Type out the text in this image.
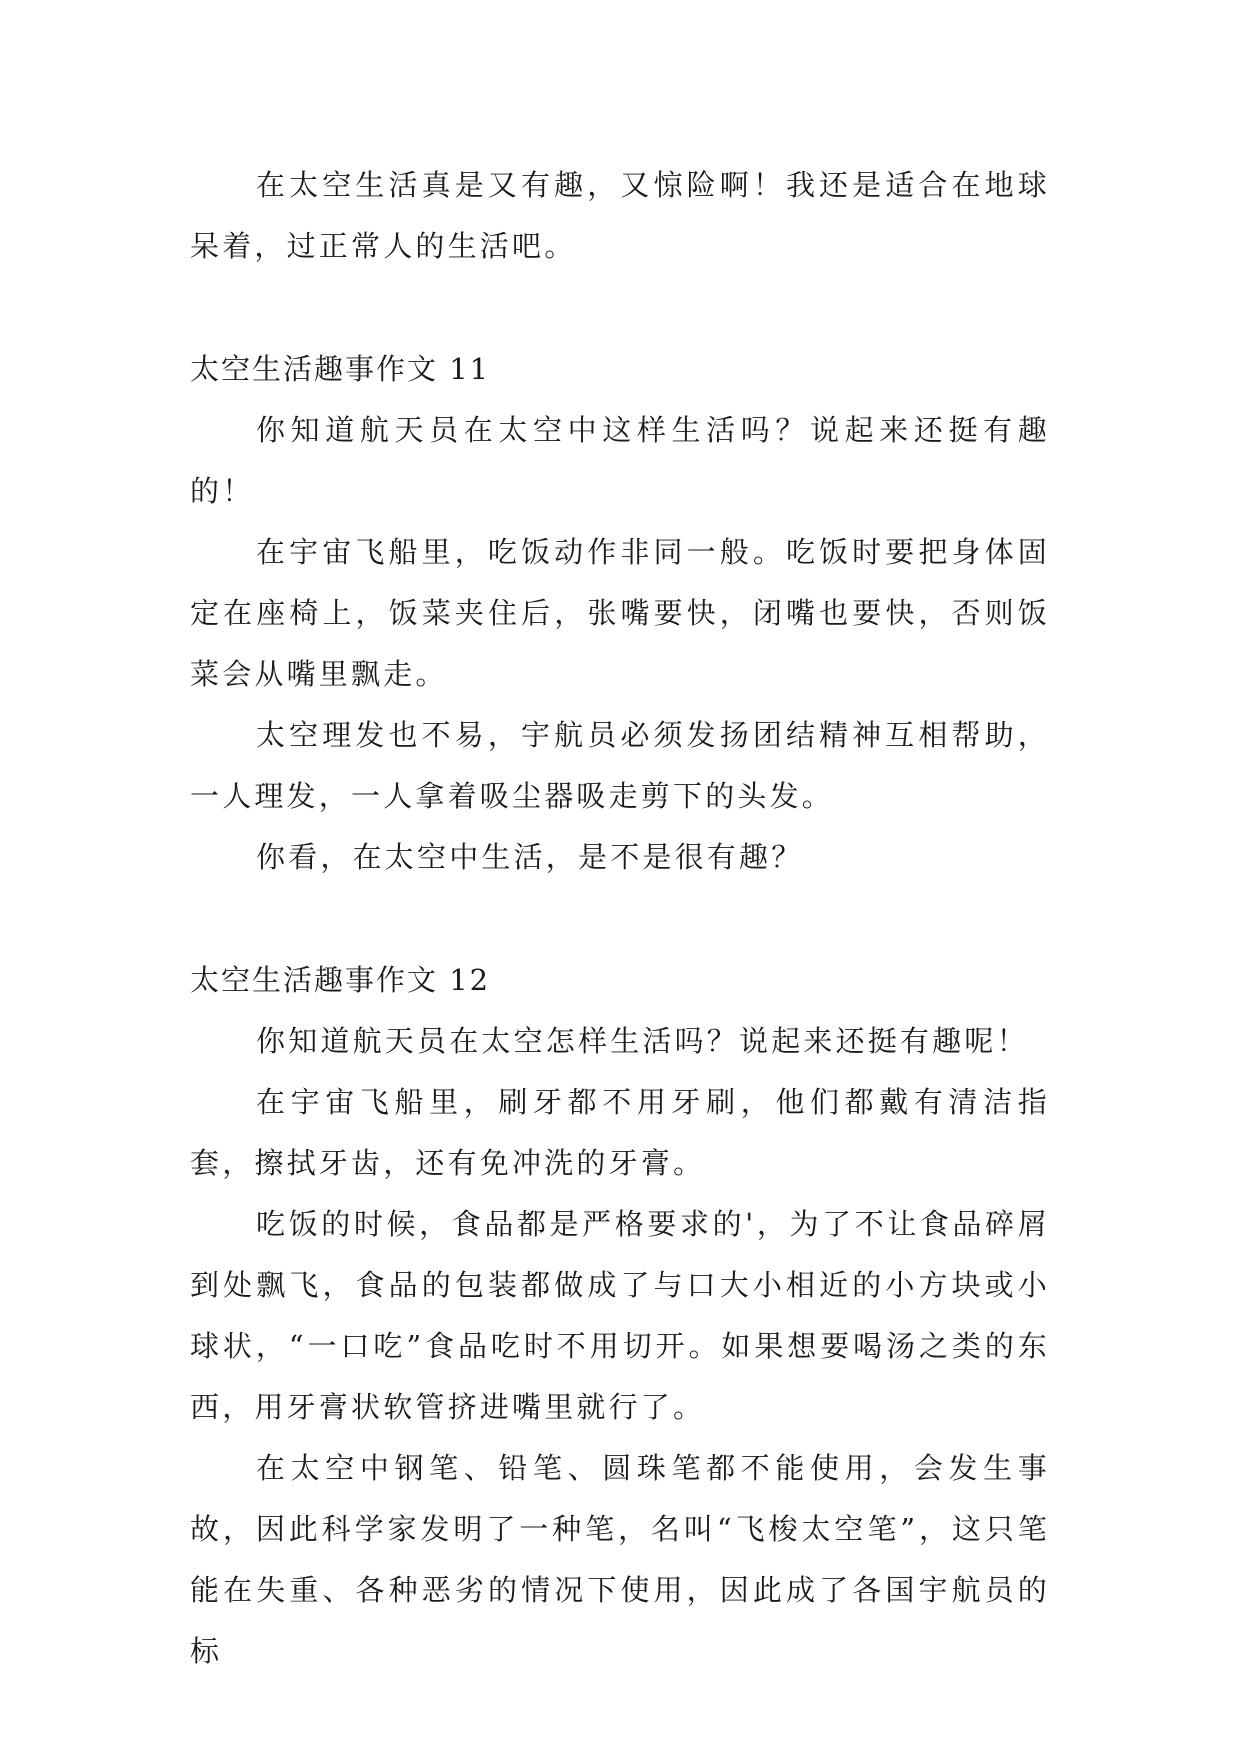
在太空生活真是又有趣，又惊险啊！我还是适合在地球呆着，过正常人的生活吧。

太空生活趣事作文 11

你知道航天员在太空中这样生活吗？说起来还挺有趣的！

在宇宙飞船里，吃饭动作非同一般。吃饭时要把身体固定在座椅上，饭菜夹住后，张嘴要快，闭嘴也要快，否则饭菜会从嘴里飘走。

太空理发也不易，宇航员必须发扬团结精神互相帮助，一人理发，一人拿着吸尘器吸走剪下的头发。

你看，在太空中生活，是不是很有趣？

太空生活趣事作文 12

你知道航天员在太空怎样生活吗？说起来还挺有趣呢！

在宇宙飞船里，刷牙都不用牙刷，他们都戴有清洁指套，擦拭牙齿，还有免冲洗的牙膏。

吃饭的时候，食品都是严格要求的'，为了不让食品碎屑到处飘飞，食品的包装都做成了与口大小相近的小方块或小球状，“一口吃”食品吃时不用切开。如果想要喝汤之类的东西，用牙膏状软管挤进嘴里就行了。

在太空中钢笔、铅笔、圆珠笔都不能使用，会发生事故，因此科学家发明了一种笔，名叫“飞梭太空笔”，这只笔能在失重、各种恶劣的情况下使用，因此成了各国宇航员的标
